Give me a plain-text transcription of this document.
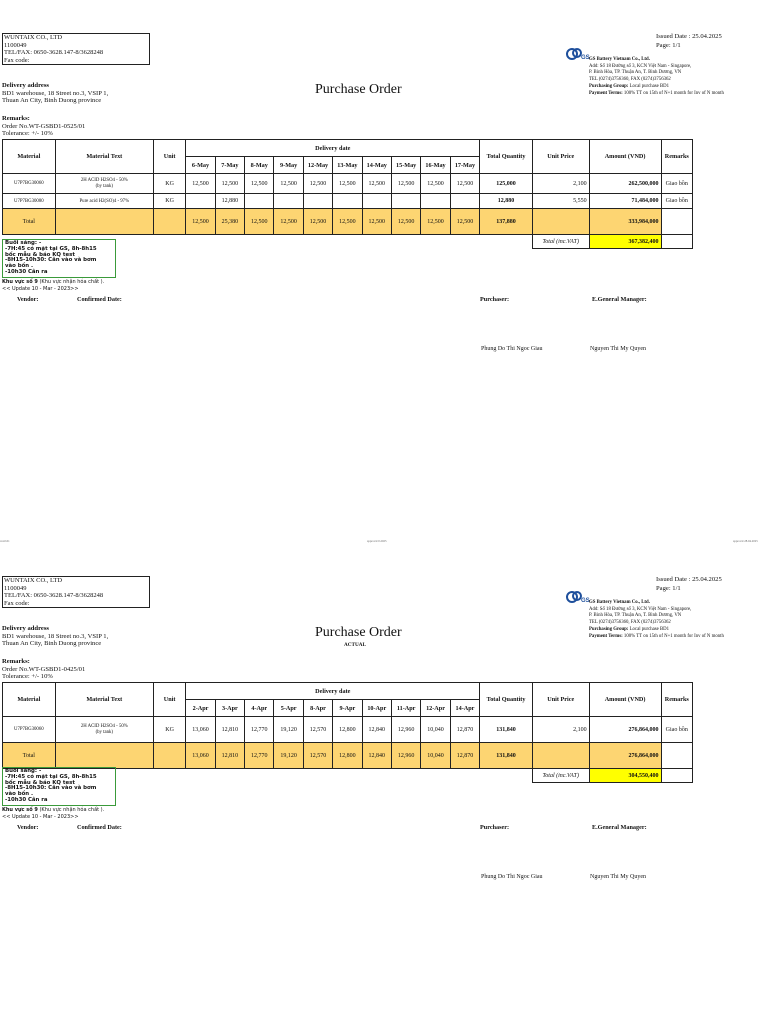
WUNTAIX CO., LTD
1100049
TEL/FAX: 0650-3628.147-8/3628248
Fax code:
Issued Date : 25.04.2025
Page: 1/1
GS GS Battery Vietnam Co., Ltd.
Add: Số 18 Đường số 3, KCN Việt Nam - Singapore,
P. Bình Hòa, TP. Thuận An, T. Bình Dương, VN
TEL (0274)3756360, FAX (0274)3756362
Purchasing Group: Local purchase BD1
Payment Terms: 100% TT on 15th of N+1 month for Inv of N month
Delivery address
BD1 warehouse, 18 Street no.3, VSIP 1,
Thuan An City, Binh Duong province
Purchase Order
Remarks:
Order No.WT-GSBD1-0525/01
Tolerance: +/- 10%
Material	Material Text	Unit	Delivery date										Total Quantity	Unit Price	Amount (VND)	Remarks
			6-May	7-May	8-May	9-May	12-May	13-May	14-May	15-May	16-May	17-May				
U7P7BG30060	2H ACID H2SO4 - 50%
(by tank)	KG	12,500	12,500	12,500	12,500	12,500	12,500	12,500	12,500	12,500	12,500	125,000	2,100	262,500,000	Giao bồn
U7P7BG30080	Pure acid H2(SO)4 - 97%	KG		12,880									12,880	5,550	71,484,000	Giao bồn
Total			12,500	25,380	12,500	12,500	12,500	12,500	12,500	12,500	12,500	12,500	137,880		333,984,000	
														Total (inc.VAT)	367,382,400	
Buổi sáng: -
-7H:45 có mặt tại GS, 8h-8h15
bốc mẫu & báo KQ test
-8H15-10h30: Cân vào và bơm
vào bồn .
-10h30 Cân ra
Khu vực số 9 (Khu vực nhận hóa chất ).
<< Update 10 - Mar - 2023>>
Vendor:	Confirmed Date:	Purchaser:	E.General Manager:
Phung Do Thi Ngoc Giau	Nguyen Thi My Quyen
ver.0.01	approval 0.2025	approval 28.04.2025
WUNTAIX CO., LTD
1100049
TEL/FAX: 0650-3628.147-8/3628248
Fax code:
Issued Date : 25.04.2025
Page: 1/1
GS GS Battery Vietnam Co., Ltd.
Add: Số 18 Đường số 3, KCN Việt Nam - Singapore,
P. Bình Hòa, TP. Thuận An, T. Bình Dương, VN
TEL (0274)3756360, FAX (0274)3756362
Purchasing Group: Local purchase BD1
Payment Terms: 100% TT on 15th of N+1 month for Inv of N month
Delivery address
BD1 warehouse, 18 Street no.3, VSIP 1,
Thuan An City, Binh Duong province
Purchase Order
ACTUAL
Remarks:
Order No.WT-GSBD1-0425/01
Tolerance: +/- 10%
Material	Material Text	Unit	Delivery date										Total Quantity	Unit Price	Amount (VND)	Remarks
			2-Apr	3-Apr	4-Apr	5-Apr	8-Apr	9-Apr	10-Apr	11-Apr	12-Apr	14-Apr				
U7P7BG30060	2H ACID H2SO4 - 50%
(by tank)	KG	13,060	12,810	12,770	19,120	12,570	12,800	12,840	12,960	10,040	12,870	131,840	2,100	276,864,000	Giao bồn
Total			13,060	12,810	12,770	19,120	12,570	12,800	12,840	12,960	10,040	12,870	131,840		276,864,000	
														Total (inc.VAT)	304,550,400	
Buổi sáng: -
-7H:45 có mặt tại GS, 8h-8h15
bốc mẫu & báo KQ test
-8H15-10h30: Cân vào và bơm
vào bồn .
-10h30 Cân ra
Khu vực số 9 (Khu vực nhận hóa chất ).
<< Update 10 - Mar - 2023>>
Vendor:	Confirmed Date:	Purchaser:	E.General Manager:
Phung Do Thi Ngoc Giau	Nguyen Thi My Quyen
